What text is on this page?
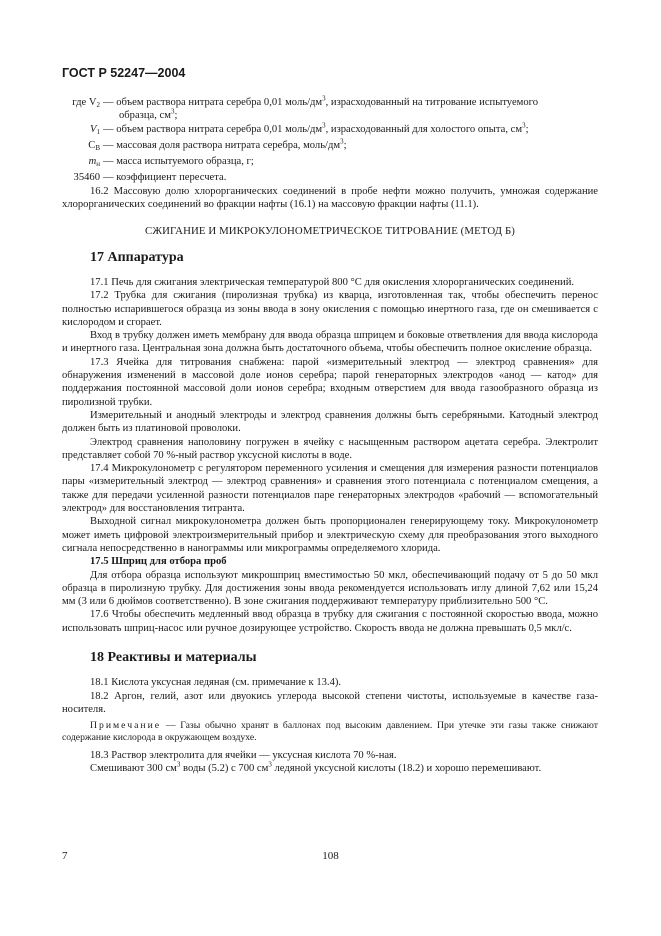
ГОСТ Р 52247—2004
где $V_2$ — объем раствора нитрата серебра 0,01 моль/$дм^3$, израсходованный на титрование испытуемого
образца, $см^3$;
$V_1$ — объем раствора нитрата серебра 0,01 моль/$дм^3$, израсходованный для холостого опыта, $см^3$;
$C_B$ — массовая доля раствора нитрата серебра, моль/$дм^3$;
$m_н$ — масса испытуемого образца, г;
35460 — коэффициент пересчета.

16.2 Массовую долю хлорорганических соединений в пробе нефти можно получить, умножая содержание хлорорганических соединений во фракции нафты (16.1) на массовую фракции нафты (11.1).

СЖИГАНИЕ И МИКРОКУЛОНОМЕТРИЧЕСКОЕ ТИТРОВАНИЕ (МЕТОД Б)
17 Аппаратура

17.1 Печь для сжигания электрическая температурой 800 °С для окисления хлорорганических соединений.

17.2 Трубка для сжигания (пиролизная трубка) из кварца, изготовленная так, чтобы обеспечить перенос полностью испарившегося образца из зоны ввода в зону окисления с помощью инертного газа, где он смешивается с кислородом и сгорает.

Вход в трубку должен иметь мембрану для ввода образца шприцем и боковые ответвления для ввода кислорода и инертного газа. Центральная зона должна быть достаточного объема, чтобы обеспечить полное окисление образца.

17.3 Ячейка для титрования снабжена: парой «измерительный электрод — электрод сравнения» для обнаружения изменений в массовой доле ионов серебра; парой генераторных электродов «анод — катод» для поддержания постоянной массовой доли ионов серебра; входным отверстием для ввода газообразного образца из пиролизной трубки.

Измерительный и анодный электроды и электрод сравнения должны быть серебряными. Катодный электрод должен быть из платиновой проволоки.

Электрод сравнения наполовину погружен в ячейку с насыщенным раствором ацетата серебра. Электролит представляет собой 70 %-ный раствор уксусной кислоты в воде.

17.4 Микрокулонометр с регулятором переменного усиления и смещения для измерения разности потенциалов пары «измерительный электрод — электрод сравнения» и сравнения этого потенциала с потенциалом смещения, а также для передачи усиленной разности потенциалов паре генераторных электродов «рабочий — вспомогательный электрод» для восстановления титранта.

Выходной сигнал микрокулонометра должен быть пропорционален генерирующему току. Микрокулонометр может иметь цифровой электроизмерительный прибор и электрическую схему для преобразования этого выходного сигнала непосредственно в нанограммы или микрограммы определяемого хлорида.

17.5 Шприц для отбора проб

Для отбора образца используют микрошприц вместимостью 50 мкл, обеспечивающий подачу от 5 до 50 мкл образца в пиролизную трубку. Для достижения зоны ввода рекомендуется использовать иглу длиной 7,62 или 15,24 мм (3 или 6 дюймов соответственно). В зоне сжигания поддерживают температуру приблизительно 500 °С.

17.6 Чтобы обеспечить медленный ввод образца в трубку для сжигания с постоянной скоростью ввода, можно использовать шприц-насос или ручное дозирующее устройство. Скорость ввода не должна превышать 0,5 мкл/с.

18 Реактивы и материалы

18.1 Кислота уксусная ледяная (см. примечание к 13.4).

18.2 Аргон, гелий, азот или двуокись углерода высокой степени чистоты, используемые в качестве газа-носителя.

Примечание — Газы обычно хранят в баллонах под высоким давлением. При утечке эти газы также снижают содержание кислорода в окружающем воздухе.

18.3 Раствор электролита для ячейки — уксусная кислота 70 %-ная.

Смешивают 300 $см^3$ воды (5.2) с 700 $см^3$ ледяной уксусной кислоты (18.2) и хорошо перемешивают.

7	108
